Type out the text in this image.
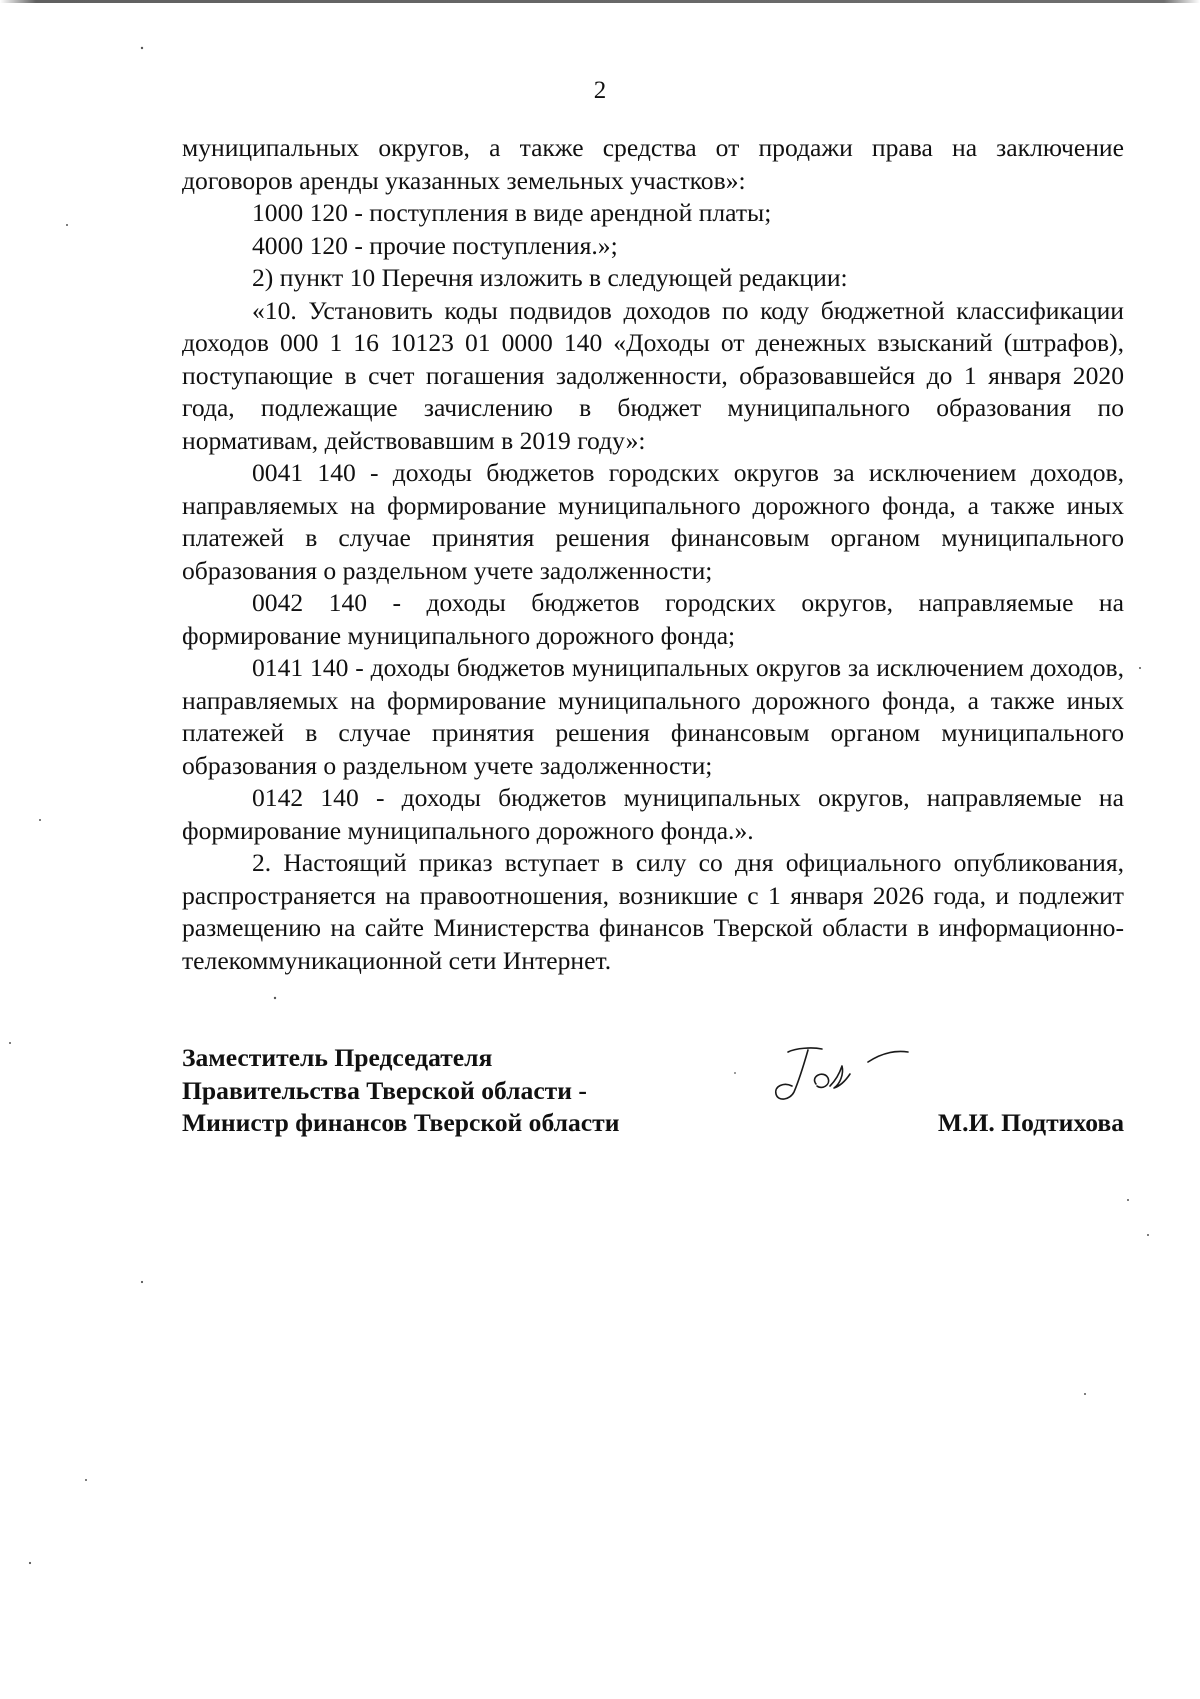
2

муниципальных округов, а также средства от продажи права на заключение договоров аренды указанных земельных участков»:

1000 120 - поступления в виде арендной платы;

4000 120 - прочие поступления.»;

2) пункт 10 Перечня изложить в следующей редакции:

«10. Установить коды подвидов доходов по коду бюджетной классификации доходов 000 1 16 10123 01 0000 140 «Доходы от денежных взысканий (штрафов), поступающие в счет погашения задолженности, образовавшейся до 1 января 2020 года, подлежащие зачислению в бюджет муниципального образования по нормативам, действовавшим в 2019 году»:

0041 140 - доходы бюджетов городских округов за исключением доходов, направляемых на формирование муниципального дорожного фонда, а также иных платежей в случае принятия решения финансовым органом муниципального образования о раздельном учете задолженности;

0042 140 - доходы бюджетов городских округов, направляемые на формирование муниципального дорожного фонда;

0141 140 - доходы бюджетов муниципальных округов за исключением доходов, направляемых на формирование муниципального дорожного фонда, а также иных платежей в случае принятия решения финансовым органом муниципального образования о раздельном учете задолженности;

0142 140 - доходы бюджетов муниципальных округов, направляемые на формирование муниципального дорожного фонда.».

2. Настоящий приказ вступает в силу со дня официального опубликования, распространяется на правоотношения, возникшие с 1 января 2026 года, и подлежит размещению на сайте Министерства финансов Тверской области в информационно-телекоммуникационной сети Интернет.

Заместитель Председателя
Правительства Тверской области -
Министр финансов Тверской области	М.И. Подтихова
